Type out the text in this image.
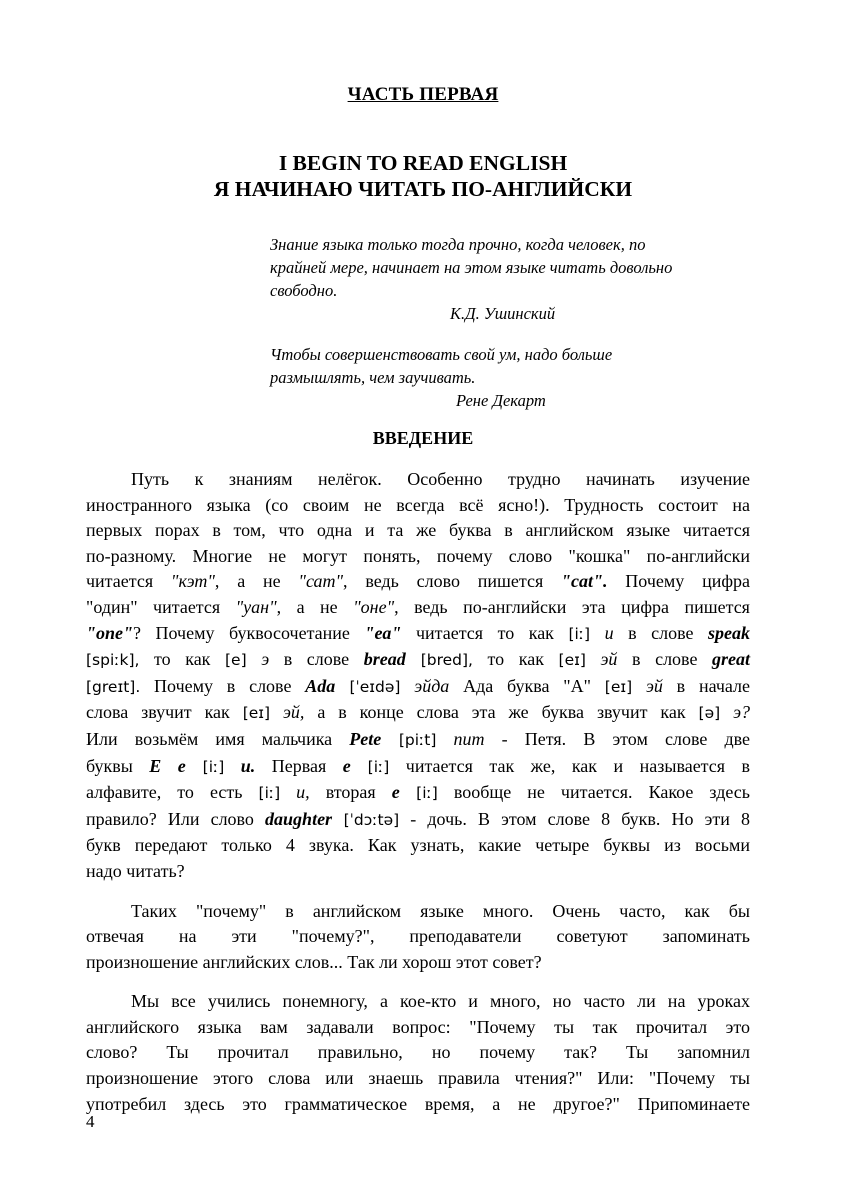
ЧАСТЬ ПЕРВАЯ
I BEGIN TO READ ENGLISH
Я НАЧИНАЮ ЧИТАТЬ ПО-АНГЛИЙСКИ
Знание языка только тогда прочно, когда человек, по
крайней мере, начинает на этом языке читать довольно
свободно.
К.Д. Ушинский
Чтобы совершенствовать свой ум, надо больше
размышлять, чем заучивать.
Рене Декарт
ВВЕДЕНИЕ
Путь к знаниям нелёгок. Особенно трудно начинать изучение
иностранного языка (со своим не всегда всё ясно!). Трудность состоит на
первых порах в том, что одна и та же буква в английском языке читается
по-разному. Многие не могут понять, почему слово "кошка" по-английски
читается "кэт", а не "сат", ведь слово пишется "cat". Почему цифра
"один" читается "уан", а не "оне", ведь по-английски эта цифра пишется
"one"? Почему буквосочетание "ea" читается то как [iː] и в слове speak
[spiːk], то как [e] э в слове bread [bred], то как [eɪ] эй в слове great
[greɪt]. Почему в слове Ada [ˈeɪdə] эйда Ада буква "А" [eɪ] эй в начале
слова звучит как [eɪ] эй, а в конце слова эта же буква звучит как [ə] э?
Или возьмём имя мальчика Pete [piːt] пит - Петя. В этом слове две
буквы E e [iː] и. Первая e [iː] читается так же, как и называется в
алфавите, то есть [iː] и, вторая e [iː] вообще не читается. Какое здесь
правило? Или слово daughter [ˈdɔːtə] - дочь. В этом слове 8 букв. Но эти 8
букв передают только 4 звука. Как узнать, какие четыре буквы из восьми
надо читать?
Таких "почему" в английском языке много. Очень часто, как бы
отвечая на эти "почему?", преподаватели советуют запоминать
произношение английских слов... Так ли хорош этот совет?
Мы все учились понемногу, а кое-кто и много, но часто ли на уроках
английского языка вам задавали вопрос: "Почему ты так прочитал это
слово? Ты прочитал правильно, но почему так? Ты запомнил
произношение этого слова или знаешь правила чтения?" Или: "Почему ты
употребил здесь это грамматическое время, а не другое?" Припоминаете
4
